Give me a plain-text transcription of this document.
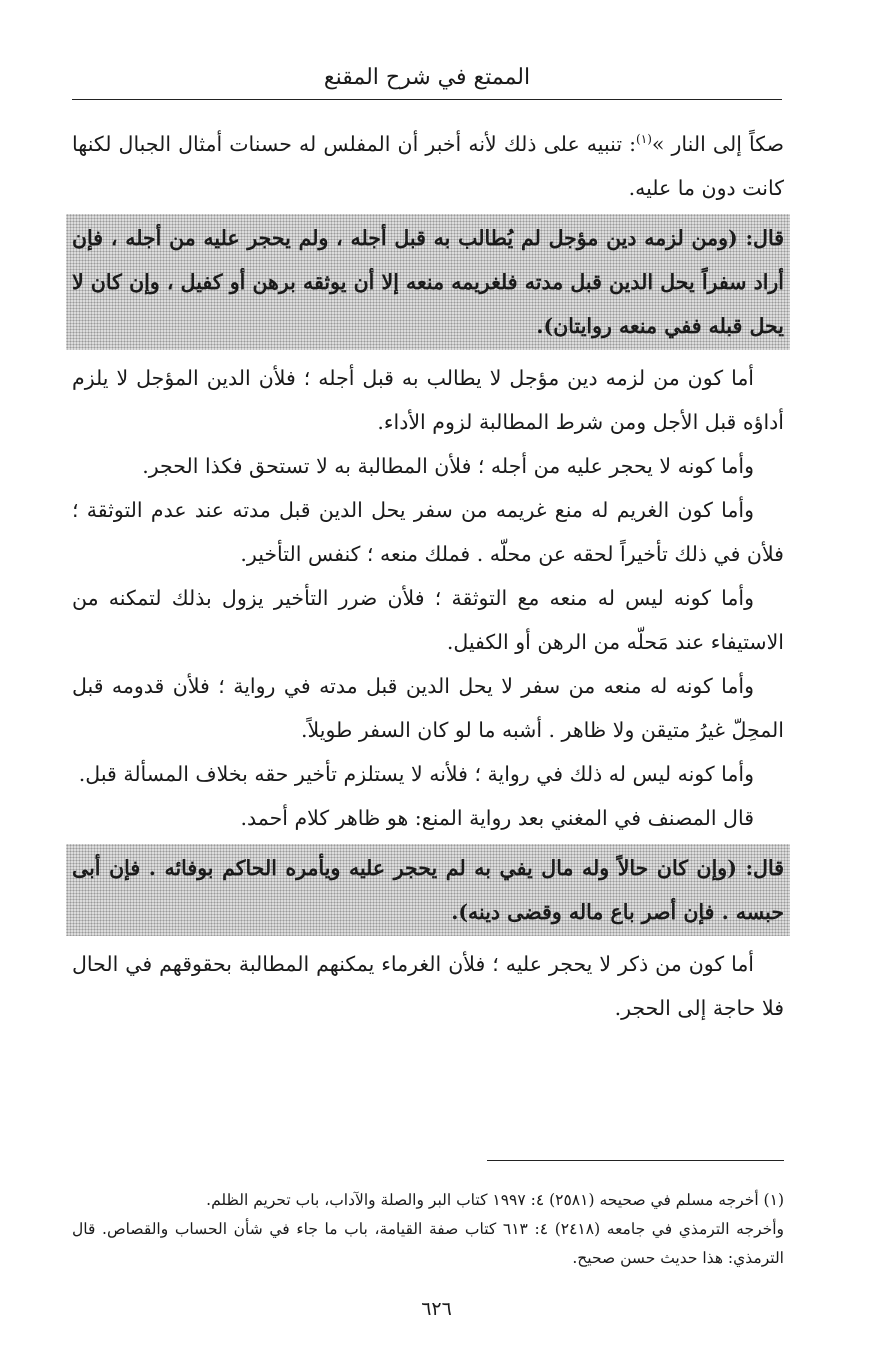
الممتع في شرح المقنع

صكاً إلى النار »$^{(١)}$: تنبيه على ذلك لأنه أخبر أن المفلس له حسنات أمثال الجبال لكنها كانت دون ما عليه.

قال: (ومن لزمه دين مؤجل لم يُطالب به قبل أجله ، ولم يحجر عليه من أجله ، فإن أراد سفراً يحل الدين قبل مدته فلغريمه منعه إلا أن يوثقه برهن أو كفيل ، وإن كان لا يحل قبله ففي منعه روايتان).

أما كون من لزمه دين مؤجل لا يطالب به قبل أجله ؛ فلأن الدين المؤجل لا يلزم أداؤه قبل الأجل ومن شرط المطالبة لزوم الأداء.

وأما كونه لا يحجر عليه من أجله ؛ فلأن المطالبة به لا تستحق فكذا الحجر.

وأما كون الغريم له منع غريمه من سفر يحل الدين قبل مدته عند عدم التوثقة ؛ فلأن في ذلك تأخيراً لحقه عن محلّه . فملك منعه ؛ كنفس التأخير.

وأما كونه ليس له منعه مع التوثقة ؛ فلأن ضرر التأخير يزول بذلك لتمكنه من الاستيفاء عند مَحلّه من الرهن أو الكفيل.

وأما كونه له منعه من سفر لا يحل الدين قبل مدته في رواية ؛ فلأن قدومه قبل المحِلّ غيرُ متيقن ولا ظاهر . أشبه ما لو كان السفر طويلاً.

وأما كونه ليس له ذلك في رواية ؛ فلأنه لا يستلزم تأخير حقه بخلاف المسألة قبل.

قال المصنف في المغني بعد رواية المنع: هو ظاهر كلام أحمد.

قال: (وإن كان حالاً وله مال يفي به لم يحجر عليه ويأمره الحاكم بوفائه . فإن أبى حبسه . فإن أصر باع ماله وقضى دينه).

أما كون من ذكر لا يحجر عليه ؛ فلأن الغرماء يمكنهم المطالبة بحقوقهم في الحال فلا حاجة إلى الحجر.

(١) أخرجه مسلم في صحيحه (٢٥٨١) ٤: ١٩٩٧ كتاب البر والصلة والآداب، باب تحريم الظلم.

وأخرجه الترمذي في جامعه (٢٤١٨) ٤: ٦١٣ كتاب صفة القيامة، باب ما جاء في شأن الحساب والقصاص. قال الترمذي: هذا حديث حسن صحيح.

٦٢٦
